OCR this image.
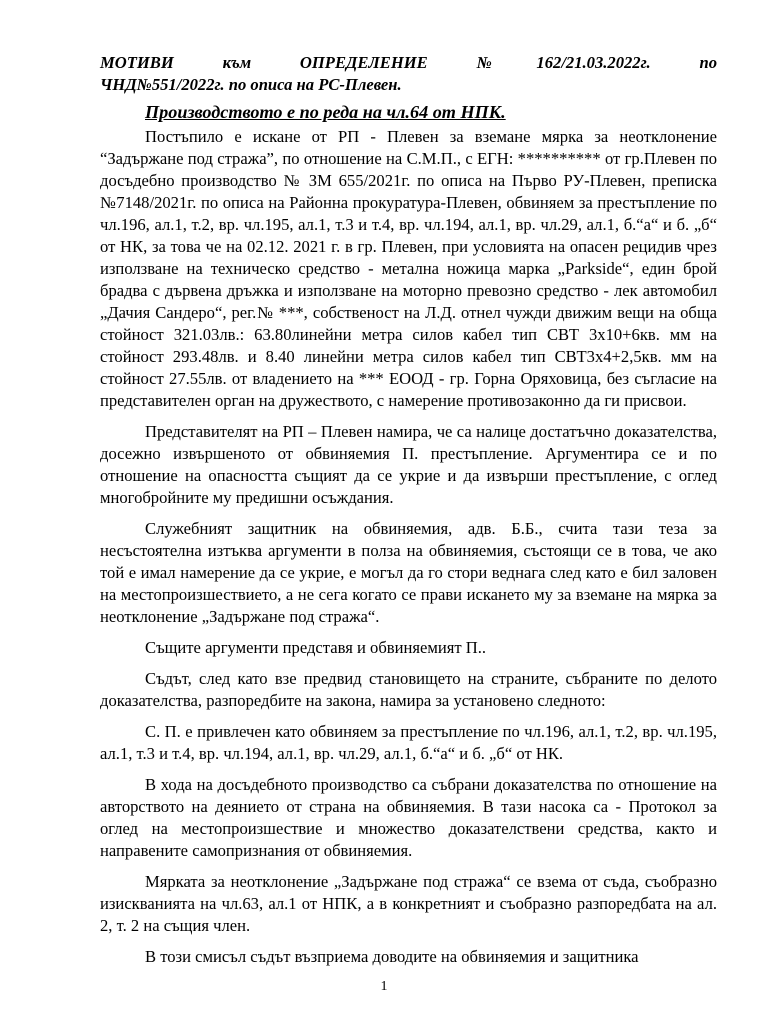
МОТИВИ към ОПРЕДЕЛЕНИЕ №162/21.03.2022г. по

ЧНД№551/2022г. по описа на РС-Плевен.

Производството е по реда на чл.64 от НПК.

Постъпило е искане от РП - Плевен за вземане мярка за неотклонение “Задържане под стража”, по отношение на С.М.П., с ЕГН: ********** от гр.Плевен по досъдебно производство № ЗМ 655/2021г. по описа на Първо РУ-Плевен, преписка №7148/2021г. по описа на Районна прокуратура-Плевен, обвиняем за престъпление по чл.196, ал.1, т.2, вр. чл.195, ал.1, т.3 и т.4, вр. чл.194, ал.1, вр. чл.29, ал.1, б.“а“ и б. „б“ от НК, за това че на 02.12. 2021 г. в гр. Плевен, при условията на опасен рецидив чрез използване на техническо средство - метална ножица марка „Parkside“, един брой брадва с дървена дръжка и използване на моторно превозно средство - лек автомобил „Дачия Сандеро“, рег.№ ***, собственост на Л.Д. отнел чужди движим вещи на обща стойност 321.03лв.: 63.80линейни метра силов кабел тип СВТ 3х10+6кв. мм на стойност 293.48лв. и 8.40 линейни метра силов кабел тип СВТ3х4+2,5кв. мм на стойност 27.55лв. от владението на *** ЕООД - гр. Горна Оряховица, без съгласие на представителен орган на дружеството, с намерение противозаконно да ги присвои.

Представителят на РП – Плевен намира, че са налице достатъчно доказателства, досежно извършеното от обвиняемия П. престъпление. Аргументира се и по отношение на опасността същият да се укрие и да извърши престъпление, с оглед многобройните му предишни осъждания.

Служебният защитник на обвиняемия, адв. Б.Б., счита тази теза за несъстоятелна изтъква аргументи в полза на обвиняемия, състоящи се в това, че ако той е имал намерение да се укрие, е могъл да го стори веднага след като е бил заловен на местопроизшествието, а не сега когато се прави искането му за вземане на мярка за неотклонение „Задържане под стража“.

Същите аргументи представя и обвиняемият П..

Съдът, след като взе предвид становището на страните, събраните по делото доказателства, разпоредбите на закона, намира за установено следното:

С. П. е привлечен като обвиняем за престъпление по чл.196, ал.1, т.2, вр. чл.195, ал.1, т.3 и т.4, вр. чл.194, ал.1, вр. чл.29, ал.1, б.“а“ и б. „б“ от НК.

В хода на досъдебното производство са събрани доказателства по отношение на авторството на деянието от страна на обвиняемия. В тази насока са - Протокол за оглед на местопроизшествие и множество доказателствени средства, както и направените самопризнания от обвиняемия.

Мярката за неотклонение „Задържане под стража“ се взема от съда, съобразно изискванията на чл.63, ал.1 от НПК, а в конкретният и съобразно разпоредбата на ал. 2, т. 2 на същия член.

В този смисъл съдът възприема доводите на обвиняемия и защитника

1
